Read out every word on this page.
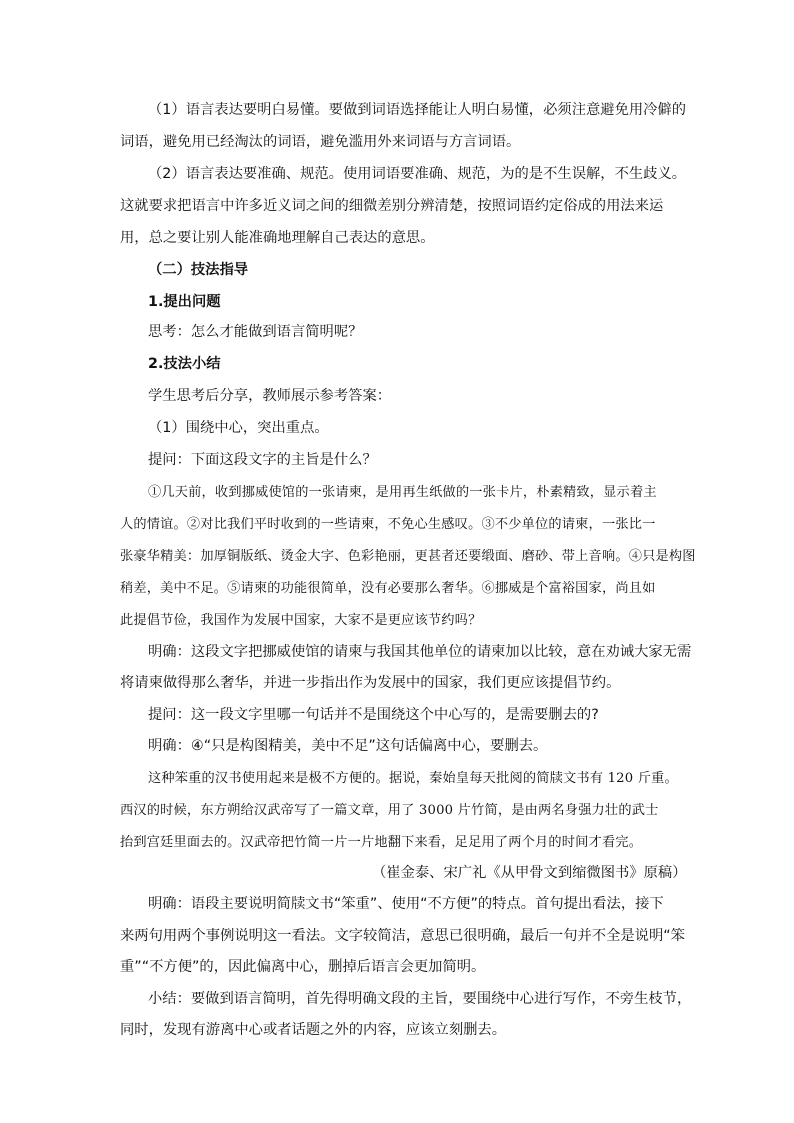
（1）语言表达要明白易懂。要做到词语选择能让人明白易懂，必须注意避免用冷僻的
词语，避免用已经淘汰的词语，避免滥用外来词语与方言词语。
（2）语言表达要准确、规范。使用词语要准确、规范，为的是不生误解，不生歧义。
这就要求把语言中许多近义词之间的细微差别分辨清楚，按照词语约定俗成的用法来运
用，总之要让别人能准确地理解自己表达的意思。
（二）技法指导
1.提出问题
思考：怎么才能做到语言简明呢？
2.技法小结
学生思考后分享，教师展示参考答案：
（1）围绕中心，突出重点。
提问：下面这段文字的主旨是什么？
①几天前，收到挪威使馆的一张请柬，是用再生纸做的一张卡片，朴素精致，显示着主
人的情谊。②对比我们平时收到的一些请柬，不免心生感叹。③不少单位的请柬，一张比一
张豪华精美：加厚铜版纸、烫金大字、色彩艳丽，更甚者还要缎面、磨砂、带上音响。④只是构图
稍差，美中不足。⑤请柬的功能很简单，没有必要那么奢华。⑥挪威是个富裕国家，尚且如
此提倡节俭，我国作为发展中国家，大家不是更应该节约吗？
明确：这段文字把挪威使馆的请柬与我国其他单位的请柬加以比较，意在劝诫大家无需
将请柬做得那么奢华，并进一步指出作为发展中的国家，我们更应该提倡节约。
提问：这一段文字里哪一句话并不是围绕这个中心写的，是需要删去的?
明确：④“只是构图精美，美中不足”这句话偏离中心，要删去。
这种笨重的汉书使用起来是极不方便的。据说，秦始皇每天批阅的简牍文书有 120 斤重。
西汉的时候，东方朔给汉武帝写了一篇文章，用了 3000 片竹简，是由两名身强力壮的武士
抬到宫廷里面去的。汉武帝把竹简一片一片地翻下来看，足足用了两个月的时间才看完。
（崔金泰、宋广礼《从甲骨文到缩微图书》原稿）
明确：语段主要说明简牍文书“笨重”、使用“不方便”的特点。首句提出看法，接下
来两句用两个事例说明这一看法。文字较简洁，意思已很明确，最后一句并不全是说明“笨
重”“不方便”的，因此偏离中心，删掉后语言会更加简明。
小结：要做到语言简明，首先得明确文段的主旨，要围绕中心进行写作，不旁生枝节，
同时，发现有游离中心或者话题之外的内容，应该立刻删去。
